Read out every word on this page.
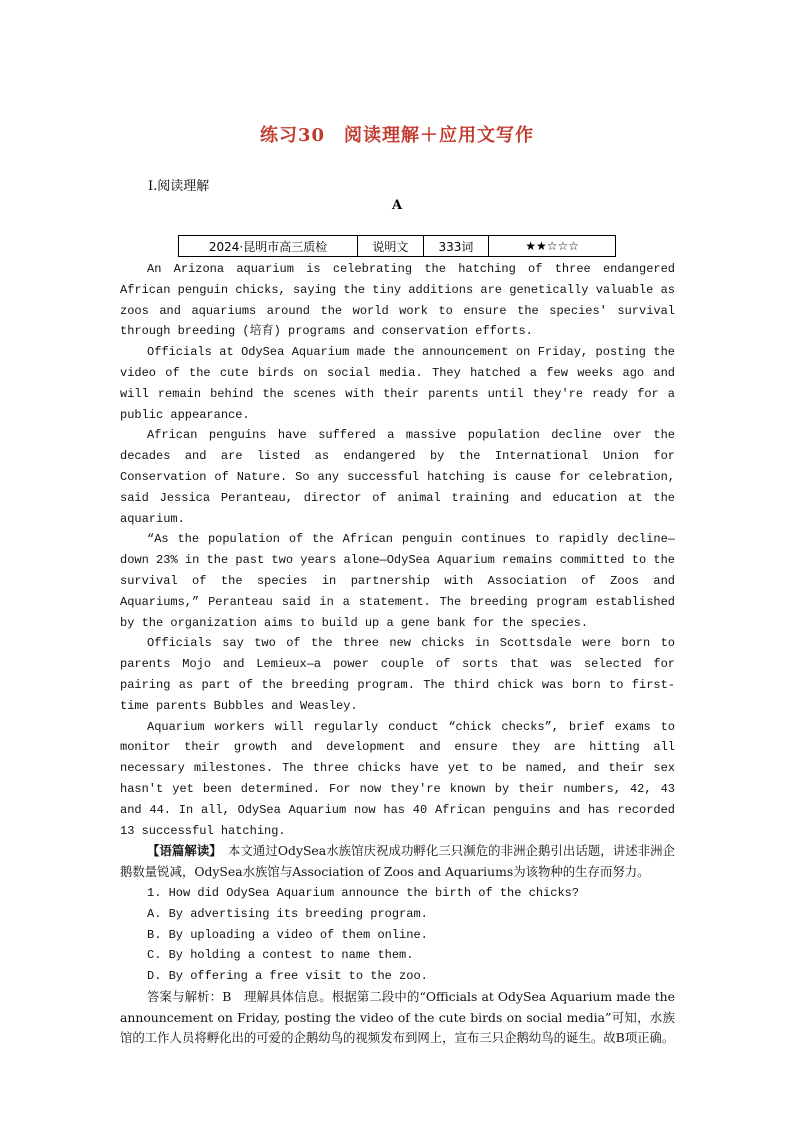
练习30　阅读理解＋应用文写作
Ⅰ.阅读理解
A
2024·昆明市高三质检	说明文	333词	★★☆☆☆

An Arizona aquarium is celebrating the hatching of three endangered African penguin chicks, saying the tiny additions are genetically valuable as zoos and aquariums around the world work to ensure the species' survival through breeding (培育) programs and conservation efforts.

Officials at OdySea Aquarium made the announcement on Friday, posting the video of the cute birds on social media. They hatched a few weeks ago and will remain behind the scenes with their parents until they're ready for a public appearance.

African penguins have suffered a massive population decline over the decades and are listed as endangered by the International Union for Conservation of Nature. So any successful hatching is cause for celebration, said Jessica Peranteau, director of animal training and education at the aquarium.

“As the population of the African penguin continues to rapidly decline—down 23% in the past two years alone—OdySea Aquarium remains committed to the survival of the species in partnership with Association of Zoos and Aquariums,” Peranteau said in a statement. The breeding program established by the organization aims to build up a gene bank for the species.

Officials say two of the three new chicks in Scottsdale were born to parents Mojo and Lemieux—a power couple of sorts that was selected for pairing as part of the breeding program. The third chick was born to first-time parents Bubbles and Weasley.

Aquarium workers will regularly conduct “chick checks”, brief exams to monitor their growth and development and ensure they are hitting all necessary milestones. The three chicks have yet to be named, and their sex hasn't yet been determined. For now they're known by their numbers, 42, 43 and 44. In all, OdySea Aquarium now has 40 African penguins and has recorded 13 successful hatching.

【语篇解读】　本文通过OdySea水族馆庆祝成功孵化三只濒危的非洲企鹅引出话题，讲述非洲企鹅数量锐减，OdySea水族馆与Association of Zoos and Aquariums为该物种的生存而努力。

1. How did OdySea Aquarium announce the birth of the chicks?

A. By advertising its breeding program.

B. By uploading a video of them online.

C. By holding a contest to name them.

D. By offering a free visit to the zoo.

答案与解析：B　理解具体信息。根据第二段中的“Officials at OdySea Aquarium made the announcement on Friday, posting the video of the cute birds on social media”可知，水族馆的工作人员将孵化出的可爱的企鹅幼鸟的视频发布到网上，宣布三只企鹅幼鸟的诞生。故B项正确。
